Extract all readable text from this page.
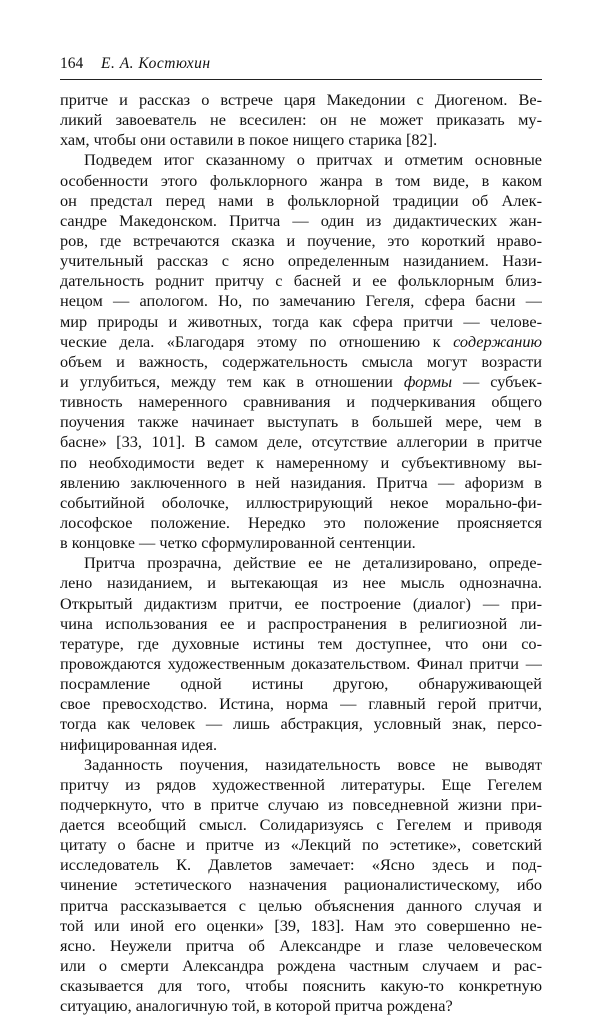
164 Е. А. Костюхин
притче и рассказ о встрече царя Македонии с Диогеном. Ве-
ликий завоеватель не всесилен: он не может приказать му-
хам, чтобы они оставили в покое нищего старика [82].
Подведем итог сказанному о притчах и отметим основные
особенности этого фольклорного жанра в том виде, в каком
он предстал перед нами в фольклорной традиции об Алек-
сандре Македонском. Притча — один из дидактических жан-
ров, где встречаются сказка и поучение, это короткий нраво-
учительный рассказ с ясно определенным назиданием. Нази-
дательность роднит притчу с басней и ее фольклорным близ-
нецом — апологом. Но, по замечанию Гегеля, сфера басни —
мир природы и животных, тогда как сфера притчи — челове-
ческие дела. «Благодаря этому по отношению к содержанию
объем и важность, содержательность смысла могут возрасти
и углубиться, между тем как в отношении формы — субъек-
тивность намеренного сравнивания и подчеркивания общего
поучения также начинает выступать в большей мере, чем в
басне» [33, 101]. В самом деле, отсутствие аллегории в притче
по необходимости ведет к намеренному и субъективному вы-
явлению заключенного в ней назидания. Притча — афоризм в
событийной оболочке, иллюстрирующий некое морально-фи-
лософское положение. Нередко это положение проясняется
в концовке — четко сформулированной сентенции.
Притча прозрачна, действие ее не детализировано, опреде-
лено назиданием, и вытекающая из нее мысль однозначна.
Открытый дидактизм притчи, ее построение (диалог) — при-
чина использования ее и распространения в религиозной ли-
тературе, где духовные истины тем доступнее, что они со-
провождаются художественным доказательством. Финал притчи —
посрамление одной истины другою, обнаруживающей
свое превосходство. Истина, норма — главный герой притчи,
тогда как человек — лишь абстракция, условный знак, персо-
нифицированная идея.
Заданность поучения, назидательность вовсе не выводят
притчу из рядов художественной литературы. Еще Гегелем
подчеркнуто, что в притче случаю из повседневной жизни при-
дается всеобщий смысл. Солидаризуясь с Гегелем и приводя
цитату о басне и притче из «Лекций по эстетике», советский
исследователь К. Давлетов замечает: «Ясно здесь и под-
чинение эстетического назначения рационалистическому, ибо
притча рассказывается с целью объяснения данного случая и
той или иной его оценки» [39, 183]. Нам это совершенно не-
ясно. Неужели притча об Александре и глазе человеческом
или о смерти Александра рождена частным случаем и рас-
сказывается для того, чтобы пояснить какую-то конкретную
ситуацию, аналогичную той, в которой притча рождена?
